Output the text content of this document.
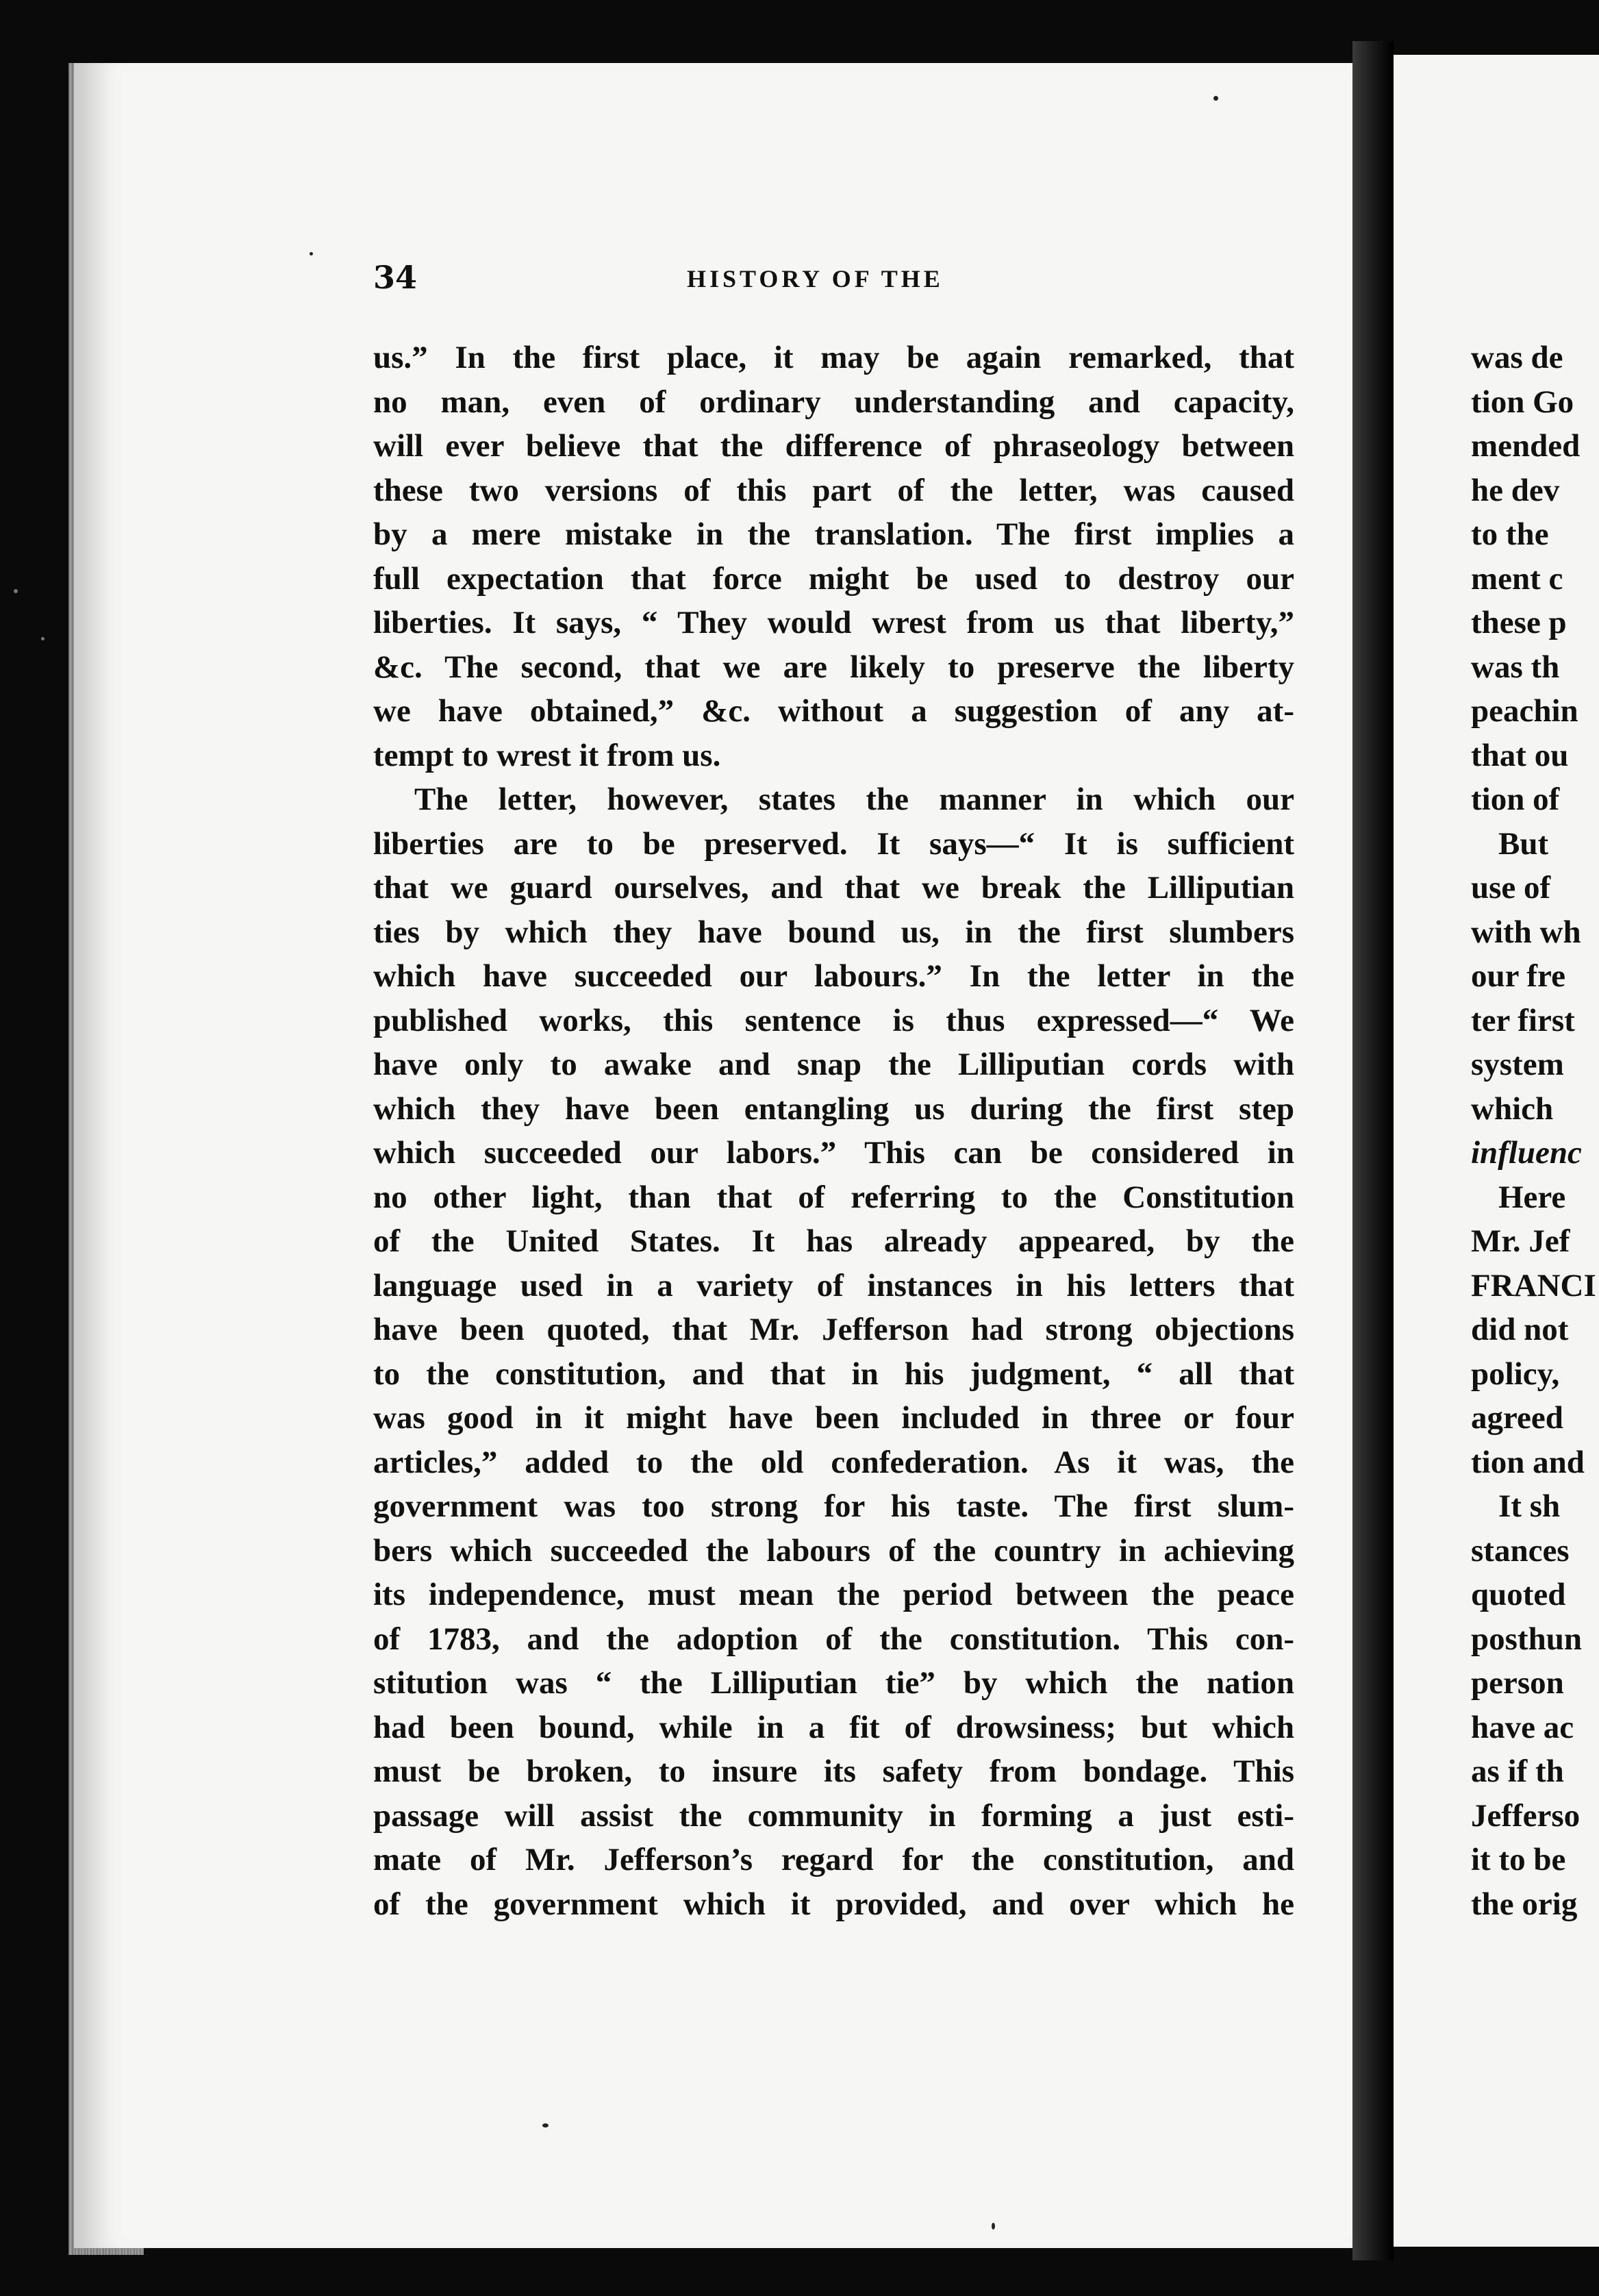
34	HISTORY OF THE
us.” In the first place, it may be again remarked, that
no man, even of ordinary understanding and capacity,
will ever believe that the difference of phraseology between
these two versions of this part of the letter, was caused
by a mere mistake in the translation. The first implies a
full expectation that force might be used to destroy our
liberties. It says, “ They would wrest from us that liberty,”
&c. The second, that we are likely to preserve the liberty
we have obtained,” &c. without a suggestion of any at-
tempt to wrest it from us.
The letter, however, states the manner in which our
liberties are to be preserved. It says—“ It is sufficient
that we guard ourselves, and that we break the Lilliputian
ties by which they have bound us, in the first slumbers
which have succeeded our labours.” In the letter in the
published works, this sentence is thus expressed—“ We
have only to awake and snap the Lilliputian cords with
which they have been entangling us during the first step
which succeeded our labors.” This can be considered in
no other light, than that of referring to the Constitution
of the United States. It has already appeared, by the
language used in a variety of instances in his letters that
have been quoted, that Mr. Jefferson had strong objections
to the constitution, and that in his judgment, “ all that
was good in it might have been included in three or four
articles,” added to the old confederation. As it was, the
government was too strong for his taste. The first slum-
bers which succeeded the labours of the country in achieving
its independence, must mean the period between the peace
of 1783, and the adoption of the constitution. This con-
stitution was “ the Lilliputian tie” by which the nation
had been bound, while in a fit of drowsiness; but which
must be broken, to insure its safety from bondage. This
passage will assist the community in forming a just esti-
mate of Mr. Jefferson’s regard for the constitution, and
of the government which it provided, and over which he
was de
tion Go
mended
he dev
to the
ment c
these p
was th
peachin
that ou
tion of
But
use of
with wh
our fre
ter first
system
which
influenc
Here
Mr. Jef
FRANCI
did not
policy,
agreed
tion and
It sh
stances
quoted
posthun
person
have ac
as if th
Jefferso
it to be
the orig
